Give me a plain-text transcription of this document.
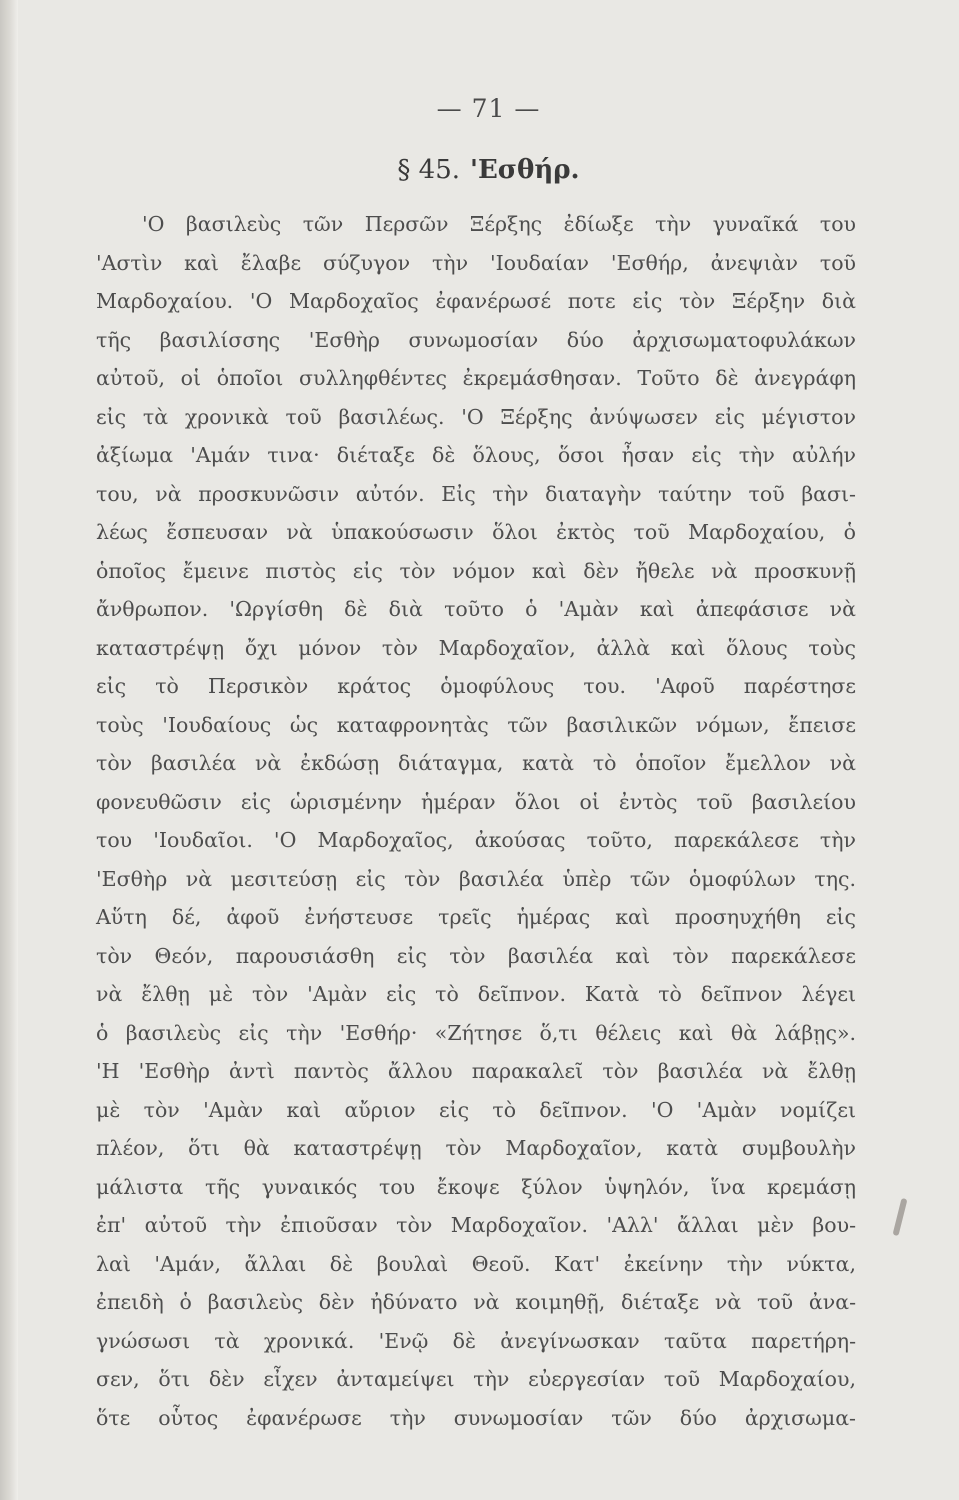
— 71 —
§ 45. 'Εσθήρ.
'Ο βασιλεὺς τῶν Περσῶν Ξέρξης ἐδίωξε τὴν γυναῖκά του
'Αστὶν καὶ ἔλαβε σύζυγον τὴν 'Ιουδαίαν 'Εσθήρ, ἀνεψιὰν τοῦ
Μαρδοχαίου. 'Ο Μαρδοχαῖος ἐφανέρωσέ ποτε εἰς τὸν Ξέρξην διὰ
τῆς βασιλίσσης 'Εσθὴρ συνωμοσίαν δύο ἀρχισωματοφυλάκων
αὐτοῦ, οἱ ὁποῖοι συλληφθέντες ἐκρεμάσθησαν. Τοῦτο δὲ ἀνεγράφη
εἰς τὰ χρονικὰ τοῦ βασιλέως. 'Ο Ξέρξης ἀνύψωσεν εἰς μέγιστον
ἀξίωμα 'Αμάν τινα· διέταξε δὲ ὅλους, ὅσοι ἦσαν εἰς τὴν αὐλήν
του, νὰ προσκυνῶσιν αὐτόν. Εἰς τὴν διαταγὴν ταύτην τοῦ βασι-
λέως ἔσπευσαν νὰ ὑπακούσωσιν ὅλοι ἐκτὸς τοῦ Μαρδοχαίου, ὁ
ὁποῖος ἔμεινε πιστὸς εἰς τὸν νόμον καὶ δὲν ἤθελε νὰ προσκυνῇ
ἄνθρωπον. 'Ωργίσθη δὲ διὰ τοῦτο ὁ 'Αμὰν καὶ ἀπεφάσισε νὰ
καταστρέψῃ ὄχι μόνον τὸν Μαρδοχαῖον, ἀλλὰ καὶ ὅλους τοὺς
εἰς τὸ Περσικὸν κράτος ὁμοφύλους του. 'Αφοῦ παρέστησε
τοὺς 'Ιουδαίους ὡς καταφρονητὰς τῶν βασιλικῶν νόμων, ἔπεισε
τὸν βασιλέα νὰ ἐκδώσῃ διάταγμα, κατὰ τὸ ὁποῖον ἔμελλον νὰ
φονευθῶσιν εἰς ὡρισμένην ἡμέραν ὅλοι οἱ ἐντὸς τοῦ βασιλείου
του 'Ιουδαῖοι. 'Ο Μαρδοχαῖος, ἀκούσας τοῦτο, παρεκάλεσε τὴν
'Εσθὴρ νὰ μεσιτεύσῃ εἰς τὸν βασιλέα ὑπὲρ τῶν ὁμοφύλων της.
Αὕτη δέ, ἀφοῦ ἐνήστευσε τρεῖς ἡμέρας καὶ προσηυχήθη εἰς
τὸν Θεόν, παρουσιάσθη εἰς τὸν βασιλέα καὶ τὸν παρεκάλεσε
νὰ ἔλθῃ μὲ τὸν 'Αμὰν εἰς τὸ δεῖπνον. Κατὰ τὸ δεῖπνον λέγει
ὁ βασιλεὺς εἰς τὴν 'Εσθήρ· «Ζήτησε ὅ,τι θέλεις καὶ θὰ λάβῃς».
'Η 'Εσθὴρ ἀντὶ παντὸς ἄλλου παρακαλεῖ τὸν βασιλέα νὰ ἔλθῃ
μὲ τὸν 'Αμὰν καὶ αὔριον εἰς τὸ δεῖπνον. 'Ο 'Αμὰν νομίζει
πλέον, ὅτι θὰ καταστρέψῃ τὸν Μαρδοχαῖον, κατὰ συμβουλὴν
μάλιστα τῆς γυναικός του ἔκοψε ξύλον ὑψηλόν, ἵνα κρεμάσῃ
ἐπ' αὐτοῦ τὴν ἐπιοῦσαν τὸν Μαρδοχαῖον. 'Αλλ' ἄλλαι μὲν βου-
λαὶ 'Αμάν, ἄλλαι δὲ βουλαὶ Θεοῦ. Κατ' ἐκείνην τὴν νύκτα,
ἐπειδὴ ὁ βασιλεὺς δὲν ἠδύνατο νὰ κοιμηθῇ, διέταξε νὰ τοῦ ἀνα-
γνώσωσι τὰ χρονικά. 'Ενῷ δὲ ἀνεγίνωσκαν ταῦτα παρετήρη-
σεν, ὅτι δὲν εἶχεν ἀνταμείψει τὴν εὐεργεσίαν τοῦ Μαρδοχαίου,
ὅτε οὗτος ἐφανέρωσε τὴν συνωμοσίαν τῶν δύο ἀρχισωμα-
